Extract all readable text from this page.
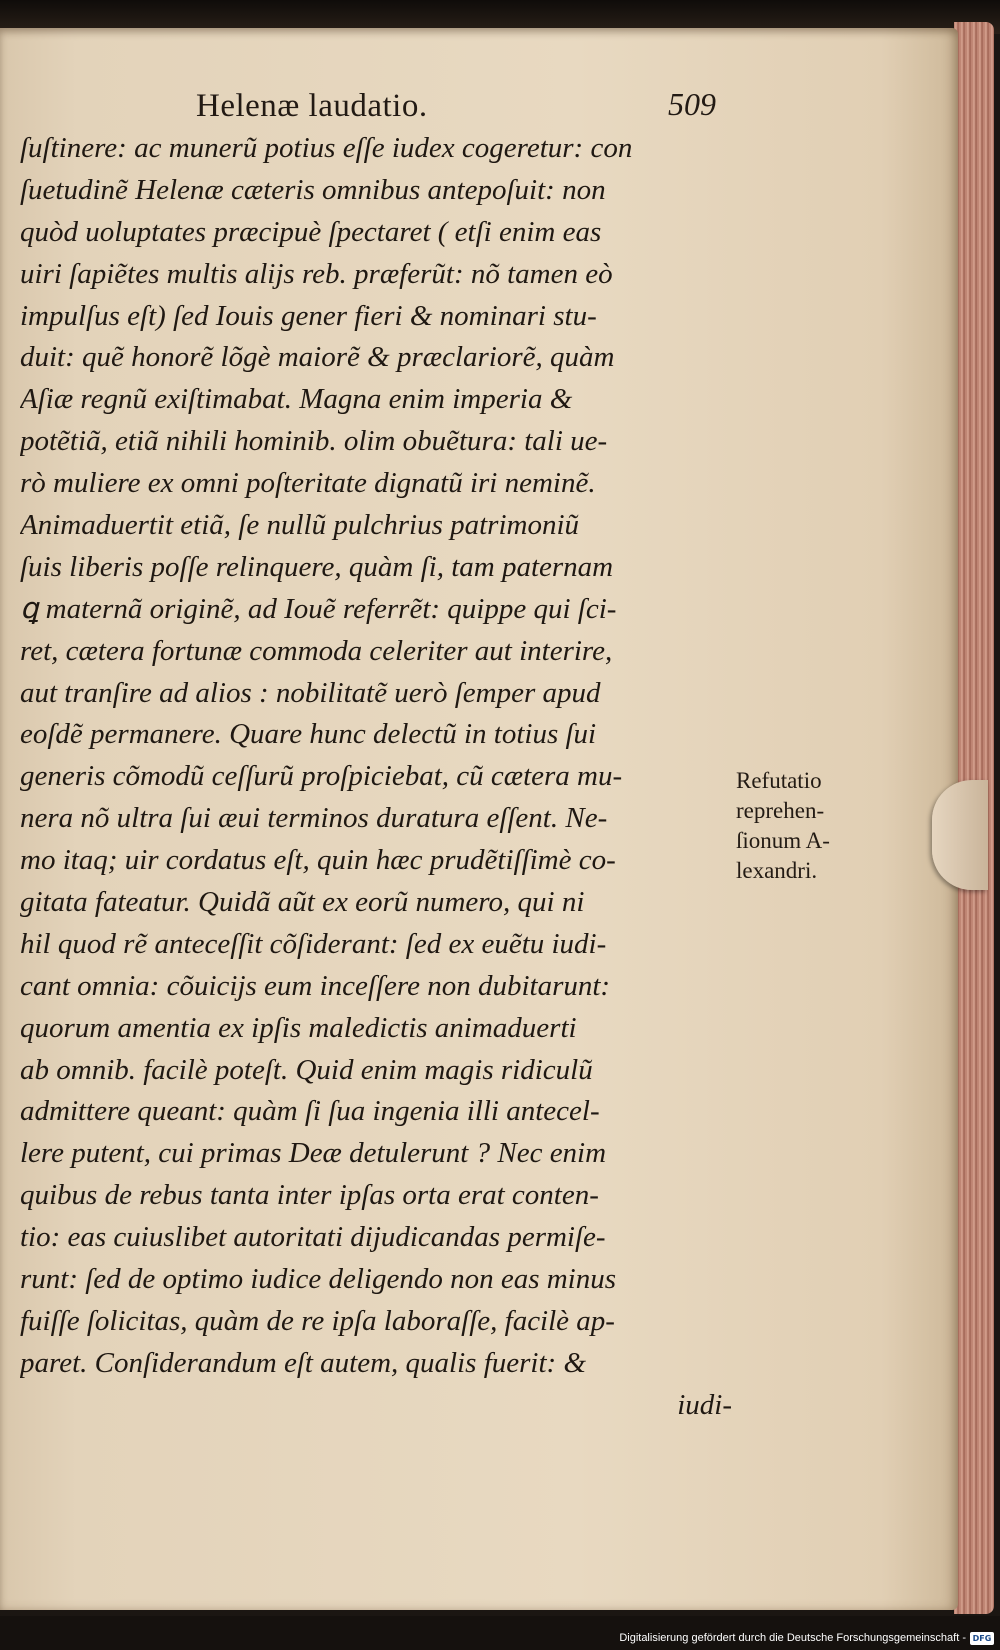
Helenæ laudatio.	509
ſuſtinere: ac munerũ potius eſſe iudex cogeretur: con
ſuetudinẽ Helenæ cæteris omnibus antepoſuit: non
quòd uoluptates præcipuè ſpectaret ( etſi enim eas
uiri ſapiẽtes multis alijs reb. præferũt: nõ tamen eò
impulſus eſt) ſed Iouis gener fieri & nominari stu-
duit: quẽ honorẽ lõgè maiorẽ & præclariorẽ, quàm
Aſiæ regnũ exiſtimabat. Magna enim imperia &
potẽtiã, etiã nihili hominib. olim obuẽtura: tali ue-
rò muliere ex omni poſteritate dignatũ iri neminẽ.
Animaduertit etiã, ſe nullũ pulchrius patrimoniũ
ſuis liberis poſſe relinquere, quàm ſi, tam paternam
ꝗ maternã originẽ, ad Iouẽ referrẽt: quippe qui ſci-
ret, cætera fortunæ commoda celeriter aut interire,
aut tranſire ad alios : nobilitatẽ uerò ſemper apud
eoſdẽ permanere. Quare hunc delectũ in totius ſui
generis cõmodũ ceſſurũ proſpiciebat, cũ cætera mu-
nera nõ ultra ſui æui terminos duratura eſſent. Ne-
mo itaq; uir cordatus eſt, quin hæc prudẽtiſſimè co-
gitata fateatur. Quidã aũt ex eorũ numero, qui ni
hil quod rẽ anteceſſit cõſiderant: ſed ex euẽtu iudi-
cant omnia: cõuicijs eum inceſſere non dubitarunt:
quorum amentia ex ipſis maledictis animaduerti
ab omnib. facilè poteſt. Quid enim magis ridiculũ
admittere queant: quàm ſi ſua ingenia illi antecel-
lere putent, cui primas Deæ detulerunt ? Nec enim
quibus de rebus tanta inter ipſas orta erat conten-
tio: eas cuiuslibet autoritati dijudicandas permiſe-
runt: ſed de optimo iudice deligendo non eas minus
fuiſſe ſolicitas, quàm de re ipſa laboraſſe, facilè ap-
paret. Conſiderandum eſt autem, qualis fuerit: &
iudi-
Refutatio
reprehen-
ſionum A-
lexandri.
Digitalisierung gefördert durch die Deutsche Forschungsgemeinschaft - DFG
